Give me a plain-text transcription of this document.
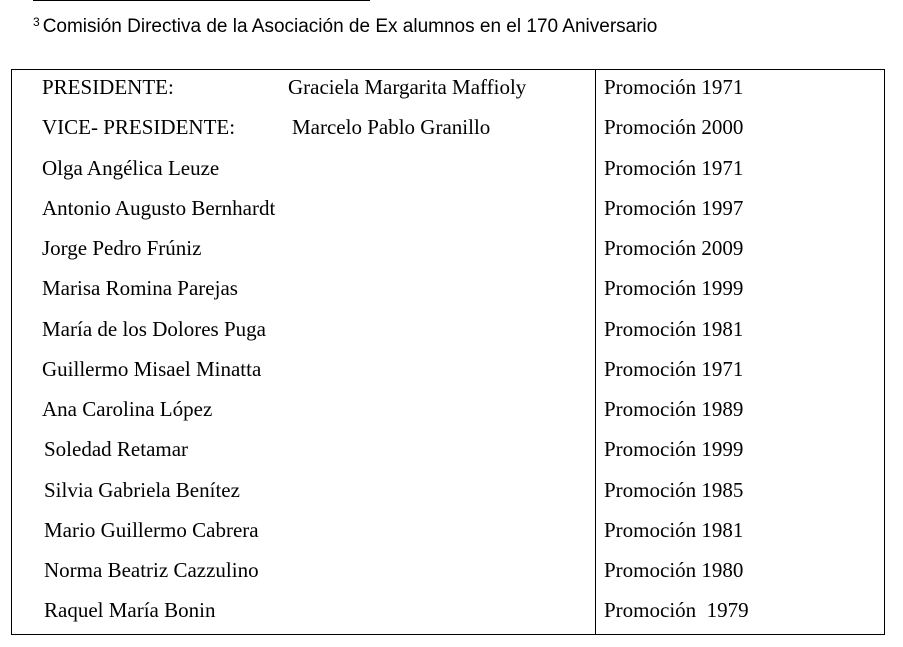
$^3$ Comisión Directiva de la Asociación de Ex alumnos en el 170 Aniversario
PRESIDENTE:	Graciela Margarita Maffioly	Promoción 1971
VICE- PRESIDENTE:	Marcelo Pablo Granillo	Promoción 2000
Olga Angélica Leuze	Promoción 1971
Antonio Augusto Bernhardt	Promoción 1997
Jorge Pedro Frúniz	Promoción 2009
Marisa Romina Parejas	Promoción 1999
María de los Dolores Puga	Promoción 1981
Guillermo Misael Minatta	Promoción 1971
Ana Carolina López	Promoción 1989
Soledad Retamar	Promoción 1999
Silvia Gabriela Benítez	Promoción 1985
Mario Guillermo Cabrera	Promoción 1981
Norma Beatriz Cazzulino	Promoción 1980
Raquel María Bonin	Promoción  1979
